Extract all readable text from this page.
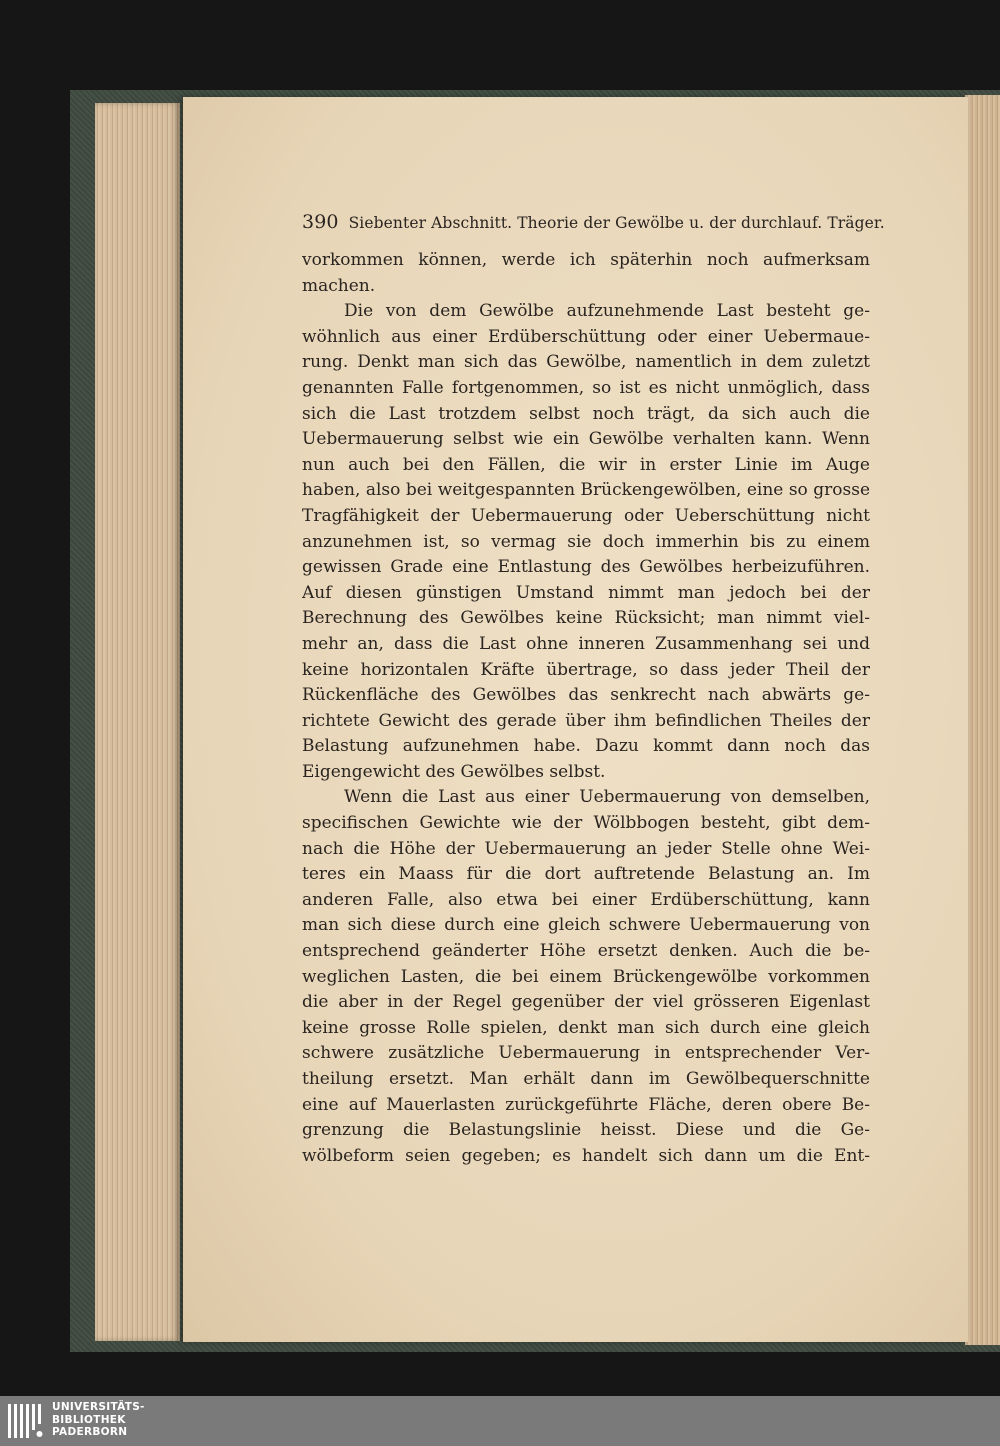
390 Siebenter Abschnitt. Theorie der Gewölbe u. der durchlauf. Träger.
vorkommen können, werde ich späterhin noch aufmerksam
machen.
Die von dem Gewölbe aufzunehmende Last besteht ge-
wöhnlich aus einer Erdüberschüttung oder einer Uebermaue-
rung. Denkt man sich das Gewölbe, namentlich in dem zuletzt
genannten Falle fortgenommen, so ist es nicht unmöglich, dass
sich die Last trotzdem selbst noch trägt, da sich auch die
Uebermauerung selbst wie ein Gewölbe verhalten kann. Wenn
nun auch bei den Fällen, die wir in erster Linie im Auge
haben, also bei weitgespannten Brückengewölben, eine so grosse
Tragfähigkeit der Uebermauerung oder Ueberschüttung nicht
anzunehmen ist, so vermag sie doch immerhin bis zu einem
gewissen Grade eine Entlastung des Gewölbes herbeizuführen.
Auf diesen günstigen Umstand nimmt man jedoch bei der
Berechnung des Gewölbes keine Rücksicht; man nimmt viel-
mehr an, dass die Last ohne inneren Zusammenhang sei und
keine horizontalen Kräfte übertrage, so dass jeder Theil der
Rückenfläche des Gewölbes das senkrecht nach abwärts ge-
richtete Gewicht des gerade über ihm befindlichen Theiles der
Belastung aufzunehmen habe. Dazu kommt dann noch das
Eigengewicht des Gewölbes selbst.
Wenn die Last aus einer Uebermauerung von demselben,
specifischen Gewichte wie der Wölbbogen besteht, gibt dem-
nach die Höhe der Uebermauerung an jeder Stelle ohne Wei-
teres ein Maass für die dort auftretende Belastung an. Im
anderen Falle, also etwa bei einer Erdüberschüttung, kann
man sich diese durch eine gleich schwere Uebermauerung von
entsprechend geänderter Höhe ersetzt denken. Auch die be-
weglichen Lasten, die bei einem Brückengewölbe vorkommen
die aber in der Regel gegenüber der viel grösseren Eigenlast
keine grosse Rolle spielen, denkt man sich durch eine gleich
schwere zusätzliche Uebermauerung in entsprechender Ver-
theilung ersetzt. Man erhält dann im Gewölbequerschnitte
eine auf Mauerlasten zurückgeführte Fläche, deren obere Be-
grenzung die Belastungslinie heisst. Diese und die Ge-
wölbeform seien gegeben; es handelt sich dann um die Ent-
UNIVERSITÄTS-
BIBLIOTHEK
PADERBORN
